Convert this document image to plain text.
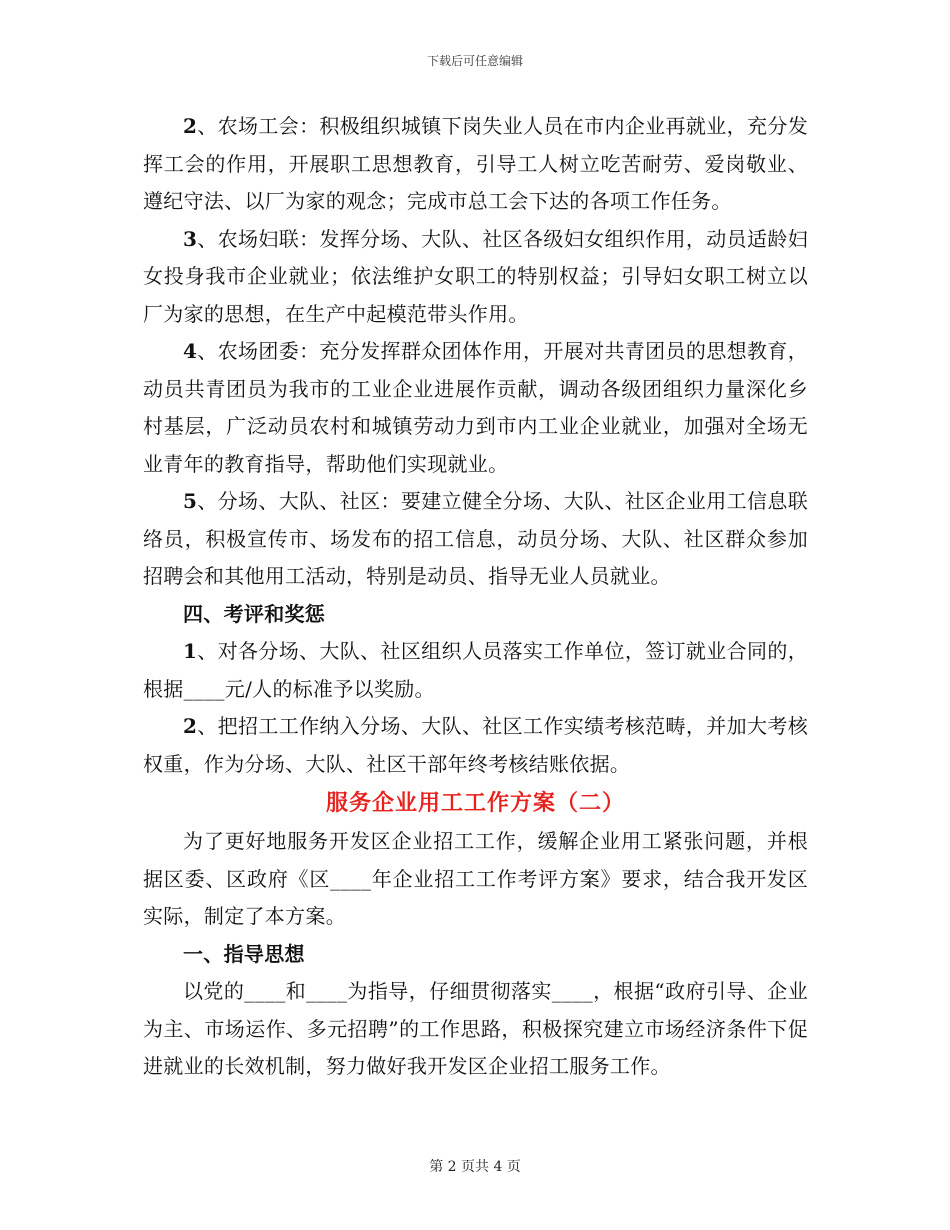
下载后可任意编辑

2、农场工会：积极组织城镇下岗失业人员在市内企业再就业，充分发挥工会的作用，开展职工思想教育，引导工人树立吃苦耐劳、爱岗敬业、遵纪守法、以厂为家的观念；完成市总工会下达的各项工作任务。

3、农场妇联：发挥分场、大队、社区各级妇女组织作用，动员适龄妇女投身我市企业就业；依法维护女职工的特别权益；引导妇女职工树立以厂为家的思想，在生产中起模范带头作用。

4、农场团委：充分发挥群众团体作用，开展对共青团员的思想教育，动员共青团员为我市的工业企业进展作贡献，调动各级团组织力量深化乡村基层，广泛动员农村和城镇劳动力到市内工业企业就业，加强对全场无业青年的教育指导，帮助他们实现就业。

5、分场、大队、社区：要建立健全分场、大队、社区企业用工信息联络员，积极宣传市、场发布的招工信息，动员分场、大队、社区群众参加招聘会和其他用工活动，特别是动员、指导无业人员就业。

四、考评和奖惩

1、对各分场、大队、社区组织人员落实工作单位，签订就业合同的，根据____元/人的标准予以奖励。

2、把招工工作纳入分场、大队、社区工作实绩考核范畴，并加大考核权重，作为分场、大队、社区干部年终考核结账依据。

服务企业用工工作方案（二）

为了更好地服务开发区企业招工工作，缓解企业用工紧张问题，并根据区委、区政府《区____年企业招工工作考评方案》要求，结合我开发区实际，制定了本方案。

一、指导思想

以党的____和____为指导，仔细贯彻落实____，根据“政府引导、企业为主、市场运作、多元招聘”的工作思路，积极探究建立市场经济条件下促进就业的长效机制，努力做好我开发区企业招工服务工作。

第 2 页共 4 页
